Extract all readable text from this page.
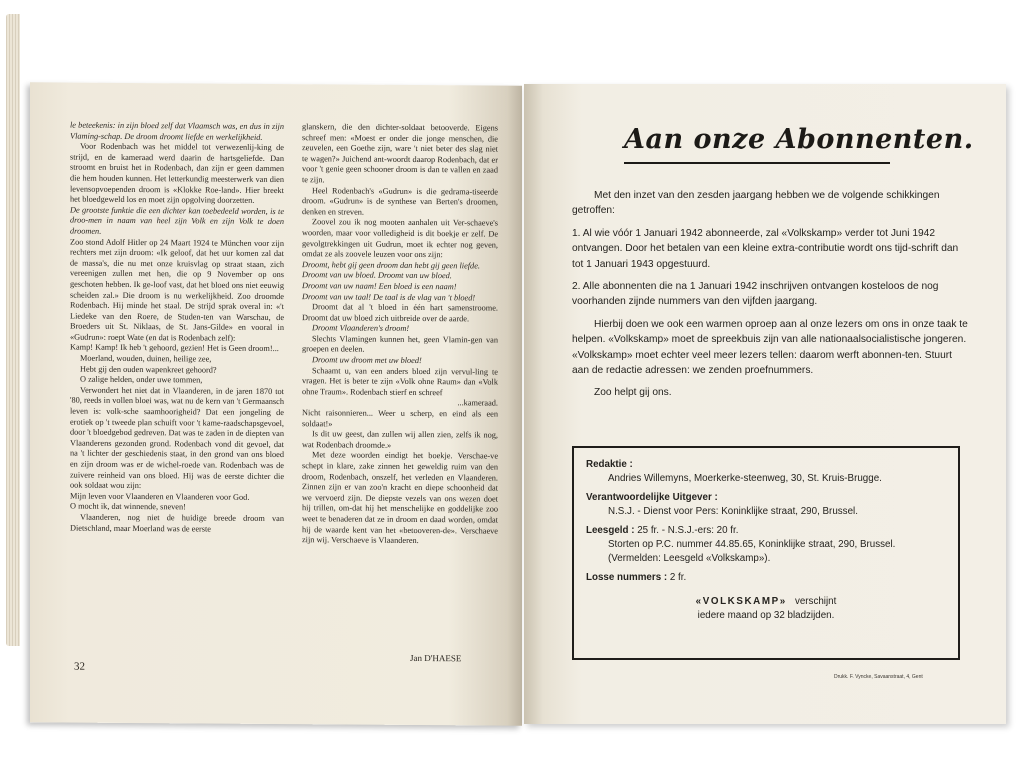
le beteekenis: in zijn bloed zelf dat Vlaamsch was, en dus in zijn Vlaming-schap. De droom droomt liefde en werkelijkheid.

Voor Rodenbach was het middel tot verwezenlij-king de strijd, en de kameraad werd daarin de hartsgeliefde. Dan stroomt en bruist het in Rodenbach, dan zijn er geen dammen die hem houden kunnen. Het letterkundig meesterwerk van dien levensopvoependen droom is «Klokke Roe-land». Hier breekt het bloedgeweld los en moet zijn opgolving doorzetten.

De grootste funktie die een dichter kan toebedeeld worden, is te droo-men in naam van heel zijn Volk en zijn Volk te doen droomen.

Zoo stond Adolf Hitler op 24 Maart 1924 te München voor zijn rechters met zijn droom: «Ik geloof, dat het uur komen zal dat de massa's, die nu met onze kruisvlag op straat staan, zich vereenigen zullen met hen, die op 9 November op ons geschoten hebben. Ik ge-loof vast, dat het bloed ons niet eeuwig scheiden zal.» Die droom is nu werkelijkheid. Zoo droomde Rodenbach. Hij minde het staal. De strijd sprak overal in: «'t Liedeke van den Roere, de Studen-ten van Warschau, de Broeders uit St. Niklaas, de St. Jans-Gilde» en vooral in «Gudrun»: roept Wate (en dat is Rodenbach zelf):

Kamp! Kamp! Ik heb 't gehoord, gezien! Het is Geen droom!...

Moerland, wouden, duinen, heilige zee,

Hebt gij den ouden wapenkreet gehoord?

O zalige helden, onder uwe tommen,

Verwondert het niet dat in Vlaanderen, in de jaren 1870 tot '80, reeds in vollen bloei was, wat nu de kern van 't Germaansch leven is: volk-sche saamhoorigheid? Dat een jongeling de erotiek op 't tweede plan schuift voor 't kame-raadschapsgevoel, door 't bloedgebod gedreven. Dat was te zaden in de diepten van Vlaanderens gezonden grond. Rodenbach vond dit gevoel, dat na 't lichter der geschiedenis staat, in den grond van ons bloed en zijn droom was er de wichel-roede van. Rodenbach was de zuivere reinheid van ons bloed. Hij was de eerste dichter die ook soldaat wou zijn:

Mijn leven voor Vlaanderen en Vlaanderen voor God.

O mocht ik, dat winnende, sneven!

Vlaanderen, nog niet de huidige breede droom van Dietschland, maar Moerland was de eerste

glanskern, die den dichter-soldaat betooverde. Eigens schreef men: «Moest er onder die jonge menschen, die zeuvelen, een Goethe zijn, ware 't niet beter des slag niet te wagen?» Juichend ant-woordt daarop Rodenbach, dat er voor 't genie geen schooner droom is dan te vallen en zaad te zijn.

Heel Rodenbach's «Gudrun» is die gedrama-tiseerde droom. «Gudrun» is de synthese van Berten's droomen, denken en streven.

Zoovel zou ik nog mooten aanhalen uit Ver-schaeve's woorden, maar voor volledigheid is dit boekje er zelf. De gevolgtrekkingen uit Gudrun, moet ik echter nog geven, omdat ze als zoovele leuzen voor ons zijn:

Droomt, hebt gij geen droom dan hebt gij geen liefde.

Droomt van uw bloed. Droomt van uw bloed.

Droomt van uw naam! Een bloed is een naam!

Droomt van uw taal! De taal is de vlag van 't bloed!

Droomt dat al 't bloed in één hart samenstroome. Droomt dat uw bloed zich uitbreide over de aarde.

Droomt Vlaanderen's droom!

Slechts Vlamingen kunnen het, geen Vlamin-gen van groepen en deelen.

Droomt uw droom met uw bloed!

Schaamt u, van een anders bloed zijn vervul-ling te vragen. Het is beter te zijn «Volk ohne Raum» dan «Volk ohne Traum». Rodenbach stierf en schreef

...kameraad.

Nicht raisonnieren... Weer u scherp, en eind als een soldaat!»

Is dit uw geest, dan zullen wij allen zien, zelfs ik nog, wat Rodenbach droomde.»

Met deze woorden eindigt het boekje. Verschae-ve schept in klare, zake zinnen het geweldig ruim van den droom, Rodenbach, onszelf, het verleden en Vlaanderen. Zinnen zijn er van zoo'n kracht en diepe schoonheid dat we vervoerd zijn. De diepste vezels van ons wezen doet hij trillen, om-dat hij het menschelijke en goddelijke zoo weet te benaderen dat ze in droom en daad worden, omdat hij de waarde kent van het «betooveren-de». Verschaeve zijn wij. Verschaeve is Vlaanderen.

32
Jan D'HAESE
Aan onze Abonnenten.

Met den inzet van den zesden jaargang hebben we de volgende schikkingen getroffen:

1. Al wie vóór 1 Januari 1942 abonneerde, zal «Volkskamp» verder tot Juni 1942 ontvangen. Door het betalen van een kleine extra-contributie wordt ons tijd-schrift dan tot 1 Januari 1943 opgestuurd.

2. Alle abonnenten die na 1 Januari 1942 inschrijven ontvangen kosteloos de nog voorhanden zijnde nummers van den vijfden jaargang.

Hierbij doen we ook een warmen oproep aan al onze lezers om ons in onze taak te helpen. «Volkskamp» moet de spreekbuis zijn van alle nationaalsocialistische jongeren. «Volkskamp» moet echter veel meer lezers tellen: daarom werft abonnen-ten. Stuurt aan de redactie adressen: we zenden proefnummers.

Zoo helpt gij ons.

Redaktie :
Andries Willemyns, Moerkerke-steenweg, 30, St. Kruis-Brugge.
Verantwoordelijke Uitgever :
N.S.J. - Dienst voor Pers: Koninklijke straat, 290, Brussel.
Leesgeld : 25 fr. - N.S.J.-ers: 20 fr.
Storten op P.C. nummer 44.85.65, Koninklijke straat, 290, Brussel.
(Vermelden: Leesgeld «Volkskamp»).
Losse nummers : 2 fr.
«VOLKSKAMP» verschijnt
iedere maand op 32 bladzijden.
Drukk. F. Vyncke, Savaanstraat, 4, Gent
